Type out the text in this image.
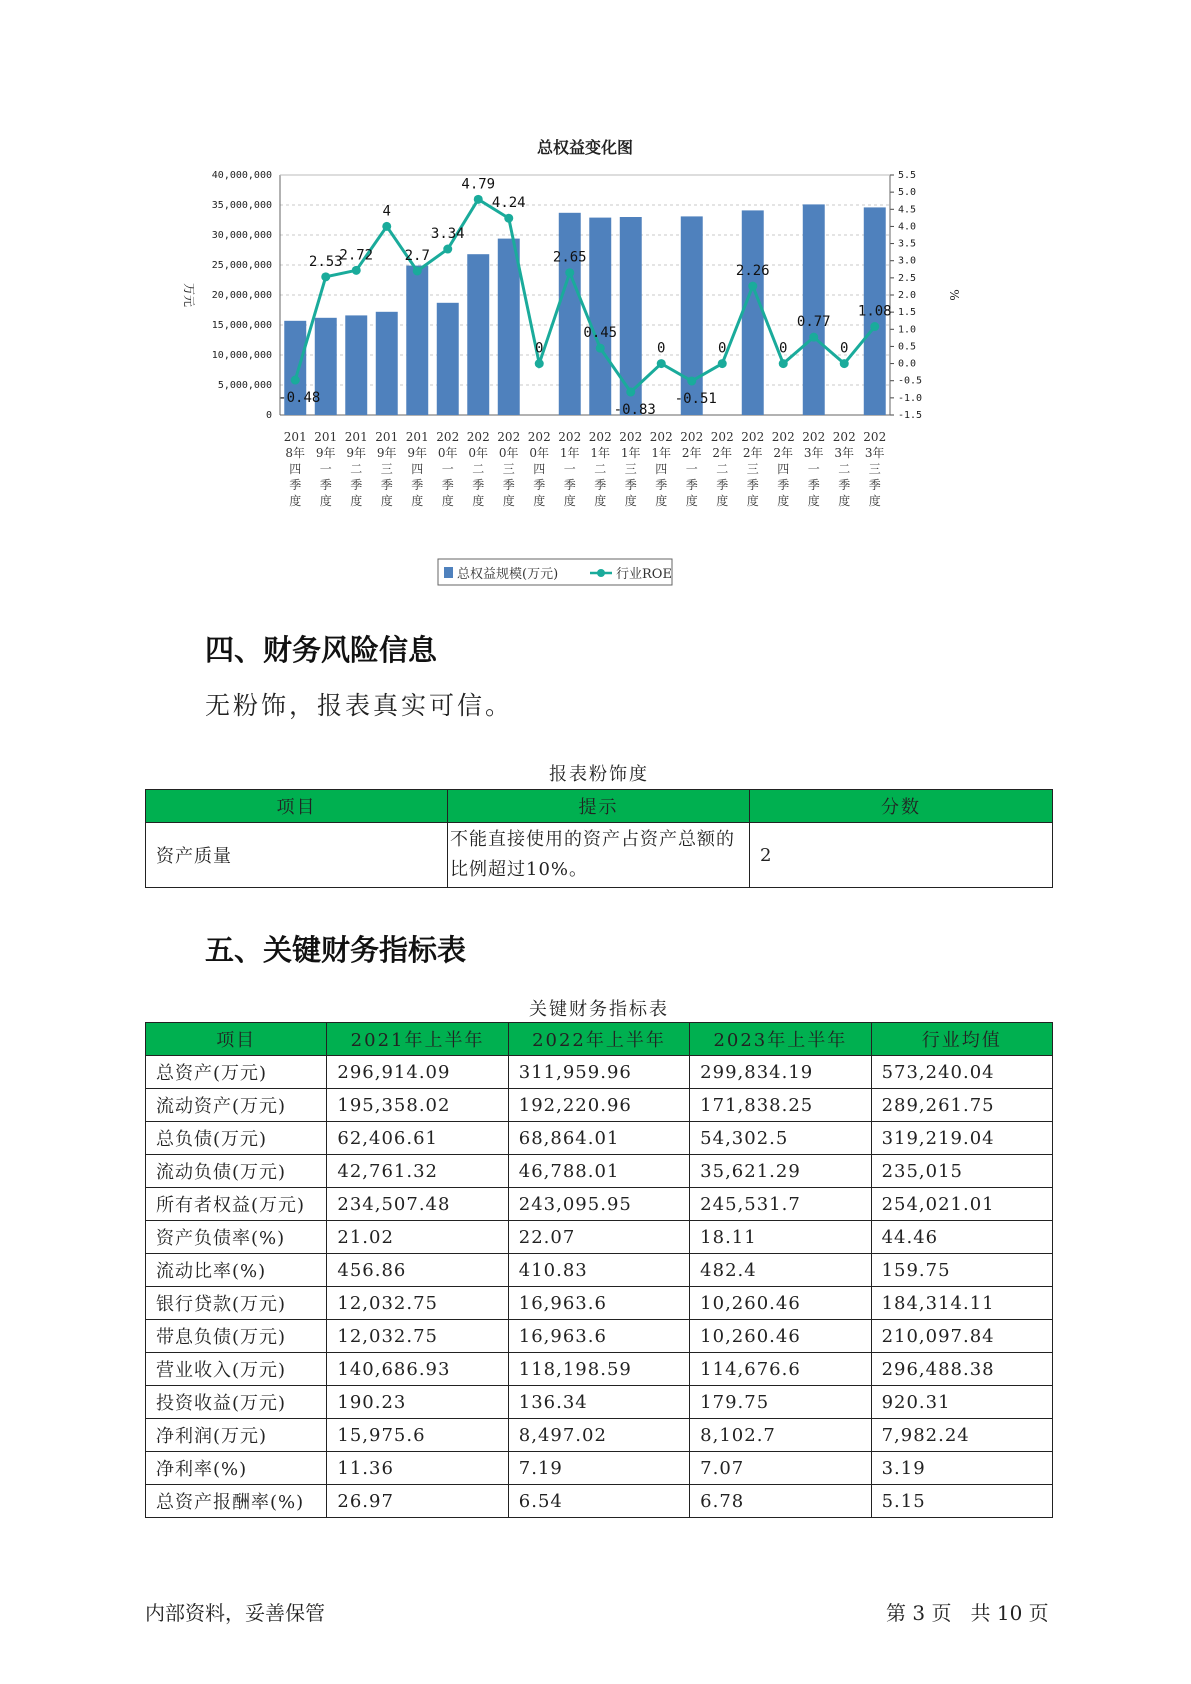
总权益变化图
0
5,000,000
10,000,000
15,000,000
20,000,000
25,000,000
30,000,000
35,000,000
40,000,000
-1.5
-1.0
-0.5
0.0
0.5
1.0
1.5
2.0
2.5
3.0
3.5
4.0
4.5
5.0
5.5
万元	%
-0.48
2.53
2.72
4
2.7
3.34
4.79
4.24
0
2.65
0.45
-0.83
0
-0.51
0
2.26
0
0.77
0
1.08
201
8年
四
季
度
201
9年
一
季
度
201
9年
二
季
度
201
9年
三
季
度
201
9年
四
季
度
202
0年
一
季
度
202
0年
二
季
度
202
0年
三
季
度
202
0年
四
季
度
202
1年
一
季
度
202
1年
二
季
度
202
1年
三
季
度
202
1年
四
季
度
202
2年
一
季
度
202
2年
二
季
度
202
2年
三
季
度
202
2年
四
季
度
202
3年
一
季
度
202
3年
二
季
度
202
3年
三
季
度
总权益规模(万元)	行业ROE
四、财务风险信息

无粉饰，报表真实可信。

报表粉饰度
项目	提示	分数
资产质量	不能直接使用的资产占资产总额的比例超过10%。	2
五、关键财务指标表
关键财务指标表
项目	2021年上半年	2022年上半年	2023年上半年	行业均值
总资产(万元)	296,914.09	311,959.96	299,834.19	573,240.04
流动资产(万元)	195,358.02	192,220.96	171,838.25	289,261.75
总负债(万元)	62,406.61	68,864.01	54,302.5	319,219.04
流动负债(万元)	42,761.32	46,788.01	35,621.29	235,015
所有者权益(万元)	234,507.48	243,095.95	245,531.7	254,021.01
资产负债率(%)	21.02	22.07	18.11	44.46
流动比率(%)	456.86	410.83	482.4	159.75
银行贷款(万元)	12,032.75	16,963.6	10,260.46	184,314.11
带息负债(万元)	12,032.75	16,963.6	10,260.46	210,097.84
营业收入(万元)	140,686.93	118,198.59	114,676.6	296,488.38
投资收益(万元)	190.23	136.34	179.75	920.31
净利润(万元)	15,975.6	8,497.02	8,102.7	7,982.24
净利率(%)	11.36	7.19	7.07	3.19
总资产报酬率(%)	26.97	6.54	6.78	5.15
内部资料，妥善保管	第 3 页   共 10 页
